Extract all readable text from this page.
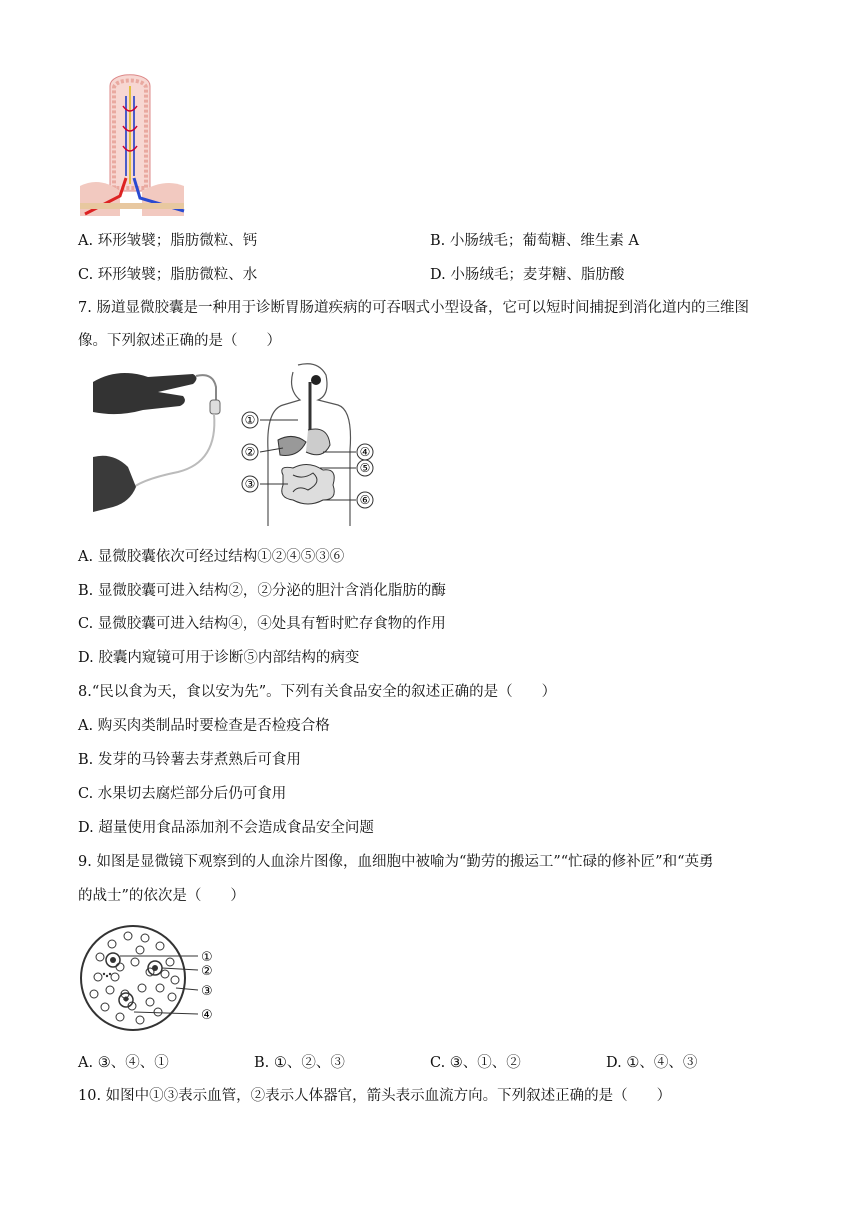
A. 环形皱襞；脂肪微粒、钙	B. 小肠绒毛；葡萄糖、维生素 A
C. 环形皱襞；脂肪微粒、水	D. 小肠绒毛；麦芽糖、脂肪酸
7. 肠道显微胶囊是一种用于诊断胃肠道疾病的可吞咽式小型设备，它可以短时间捕捉到消化道内的三维图
像。下列叙述正确的是（　　）
①
②
③
④
⑤
⑥
A. 显微胶囊依次可经过结构①②④⑤③⑥
B. 显微胶囊可进入结构②，②分泌的胆汁含消化脂肪的酶
C. 显微胶囊可进入结构④，④处具有暂时贮存食物的作用
D. 胶囊内窥镜可用于诊断⑤内部结构的病变
8.“民以食为天，食以安为先”。下列有关食品安全的叙述正确的是（　　）
A. 购买肉类制品时要检查是否检疫合格
B. 发芽的马铃薯去芽煮熟后可食用
C. 水果切去腐烂部分后仍可食用
D. 超量使用食品添加剂不会造成食品安全问题
9. 如图是显微镜下观察到的人血涂片图像，血细胞中被喻为“勤劳的搬运工”“忙碌的修补匠”和“英勇
的战士”的依次是（　　）
①
②
③
④
A. ③、④、①	B. ①、②、③	C. ③、①、②	D. ①、④、③
10. 如图中①③表示血管，②表示人体器官，箭头表示血流方向。下列叙述正确的是（　　）
